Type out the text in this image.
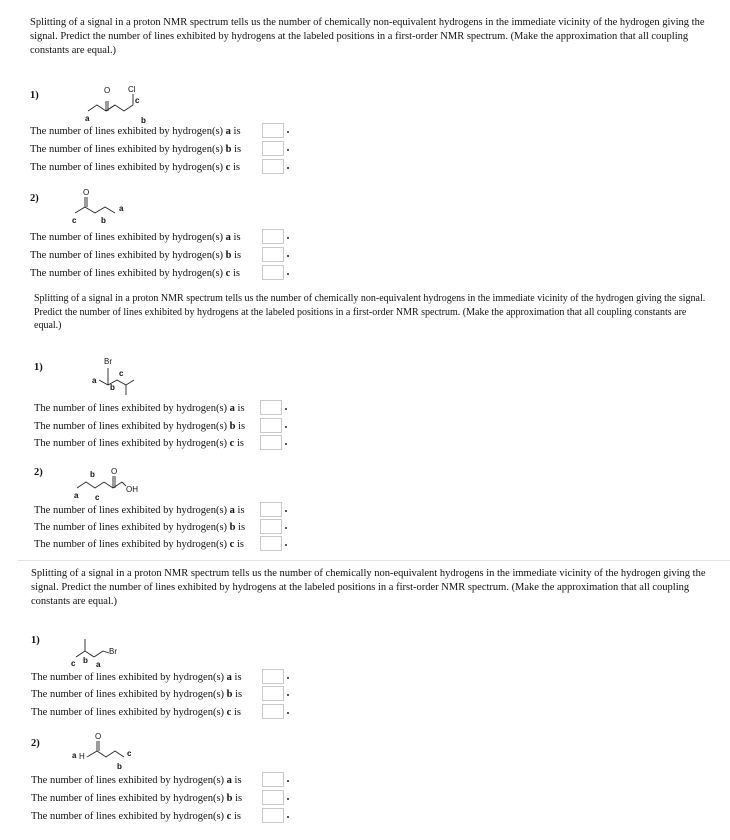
Splitting of a signal in a proton NMR spectrum tells us the number of chemically non-equivalent hydrogens in the immediate vicinity of the hydrogen giving the signal. Predict the number of lines exhibited by hydrogens at the labeled positions in a first-order NMR spectrum. (Make the approximation that all coupling constants are equal.)
1)	O Cl
a	b
c
The number of lines exhibited by hydrogen(s) a is
The number of lines exhibited by hydrogen(s) b is
The number of lines exhibited by hydrogen(s) c is
2)
O
a
b
c
The number of lines exhibited by hydrogen(s) a is
The number of lines exhibited by hydrogen(s) b is
The number of lines exhibited by hydrogen(s) c is
Splitting of a signal in a proton NMR spectrum tells us the number of chemically non-equivalent hydrogens in the immediate vicinity of the hydrogen giving the signal. Predict the number of lines exhibited by hydrogens at the labeled positions in a first-order NMR spectrum. (Make the approximation that all coupling constants are equal.)
1)
Br
a
b
c
The number of lines exhibited by hydrogen(s) a is
The number of lines exhibited by hydrogen(s) b is
The number of lines exhibited by hydrogen(s) c is
2)	O
OH
a
b
c
The number of lines exhibited by hydrogen(s) a is
The number of lines exhibited by hydrogen(s) b is
The number of lines exhibited by hydrogen(s) c is
Splitting of a signal in a proton NMR spectrum tells us the number of chemically non-equivalent hydrogens in the immediate vicinity of the hydrogen giving the signal. Predict the number of lines exhibited by hydrogens at the labeled positions in a first-order NMR spectrum. (Make the approximation that all coupling constants are equal.)
1)
Br
a
b
c
The number of lines exhibited by hydrogen(s) a is
The number of lines exhibited by hydrogen(s) b is
The number of lines exhibited by hydrogen(s) c is
2)
O
H
a
b
c
The number of lines exhibited by hydrogen(s) a is
The number of lines exhibited by hydrogen(s) b is
The number of lines exhibited by hydrogen(s) c is
